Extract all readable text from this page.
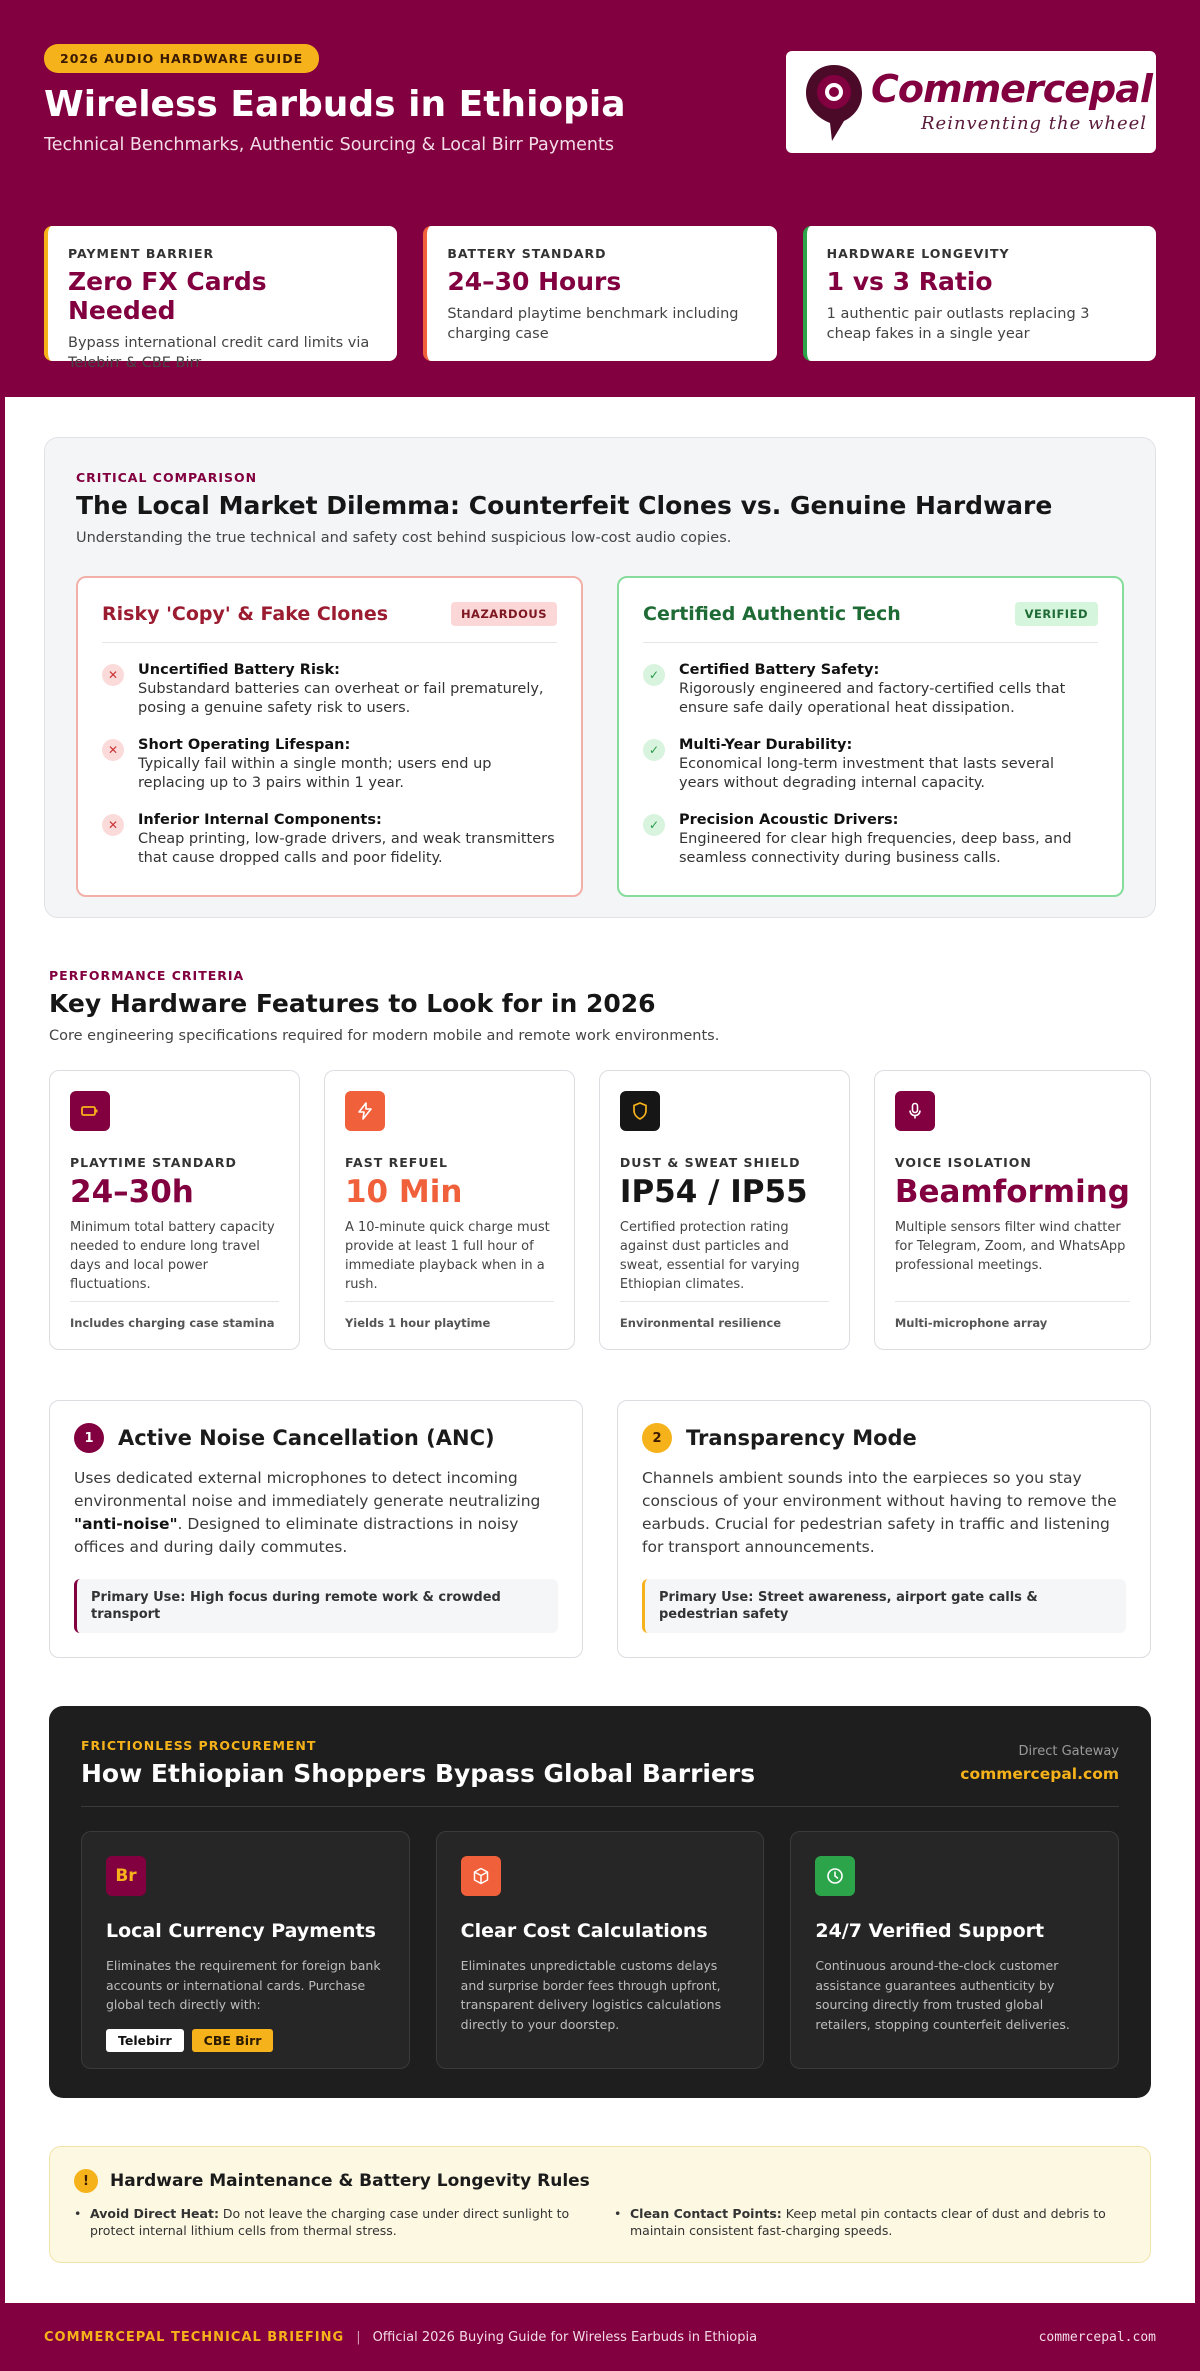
2026 AUDIO HARDWARE GUIDE
Wireless Earbuds in Ethiopia
Technical Benchmarks, Authentic Sourcing & Local Birr Payments
Commercepal
Reinventing the wheel
PAYMENT BARRIER
Zero FX Cards Needed
Bypass international credit card limits via Telebirr & CBE Birr
BATTERY STANDARD
24–30 Hours
Standard playtime benchmark including charging case
HARDWARE LONGEVITY
1 vs 3 Ratio
1 authentic pair outlasts replacing 3 cheap fakes in a single year
CRITICAL COMPARISON
The Local Market Dilemma: Counterfeit Clones vs. Genuine Hardware
Understanding the true technical and safety cost behind suspicious low-cost audio copies.
Risky 'Copy' & Fake Clones	HAZARDOUS
✕	Uncertified Battery Risk:
Substandard batteries can overheat or fail prematurely, posing a genuine safety risk to users.
✕	Short Operating Lifespan:
Typically fail within a single month; users end up replacing up to 3 pairs within 1 year.
✕	Inferior Internal Components:
Cheap printing, low-grade drivers, and weak transmitters that cause dropped calls and poor fidelity.
Certified Authentic Tech	VERIFIED
✓	Certified Battery Safety:
Rigorously engineered and factory-certified cells that ensure safe daily operational heat dissipation.
✓	Multi-Year Durability:
Economical long-term investment that lasts several years without degrading internal capacity.
✓	Precision Acoustic Drivers:
Engineered for clear high frequencies, deep bass, and seamless connectivity during business calls.
PERFORMANCE CRITERIA
Key Hardware Features to Look for in 2026
Core engineering specifications required for modern mobile and remote work environments.
PLAYTIME STANDARD
24–30h
Minimum total battery capacity needed to endure long travel days and local power fluctuations.
Includes charging case stamina
FAST REFUEL
10 Min
A 10-minute quick charge must provide at least 1 full hour of immediate playback when in a rush.
Yields 1 hour playtime
DUST & SWEAT SHIELD
IP54 / IP55
Certified protection rating against dust particles and sweat, essential for varying Ethiopian climates.
Environmental resilience
VOICE ISOLATION
Beamforming
Multiple sensors filter wind chatter for Telegram, Zoom, and WhatsApp professional meetings.
Multi-microphone array
1	Active Noise Cancellation (ANC)
Uses dedicated external microphones to detect incoming environmental noise and immediately generate neutralizing "anti-noise". Designed to eliminate distractions in noisy offices and during daily commutes.
Primary Use: High focus during remote work & crowded transport
2	Transparency Mode
Channels ambient sounds into the earpieces so you stay conscious of your environment without having to remove the earbuds. Crucial for pedestrian safety in traffic and listening for transport announcements.
Primary Use: Street awareness, airport gate calls & pedestrian safety
FRICTIONLESS PROCUREMENT
How Ethiopian Shoppers Bypass Global Barriers
Direct Gateway
commercepal.com
Br
Local Currency Payments
Eliminates the requirement for foreign bank accounts or international cards. Purchase global tech directly with:
Telebirr	CBE Birr
Clear Cost Calculations
Eliminates unpredictable customs delays and surprise border fees through upfront, transparent delivery logistics calculations directly to your doorstep.
24/7 Verified Support
Continuous around-the-clock customer assistance guarantees authenticity by sourcing directly from trusted global retailers, stopping counterfeit deliveries.
!	Hardware Maintenance & Battery Longevity Rules
• Avoid Direct Heat: Do not leave the charging case under direct sunlight to protect internal lithium cells from thermal stress.
• Clean Contact Points: Keep metal pin contacts clear of dust and debris to maintain consistent fast-charging speeds.
COMMERCEPAL TECHNICAL BRIEFING | Official 2026 Buying Guide for Wireless Earbuds in Ethiopia	commercepal.com
